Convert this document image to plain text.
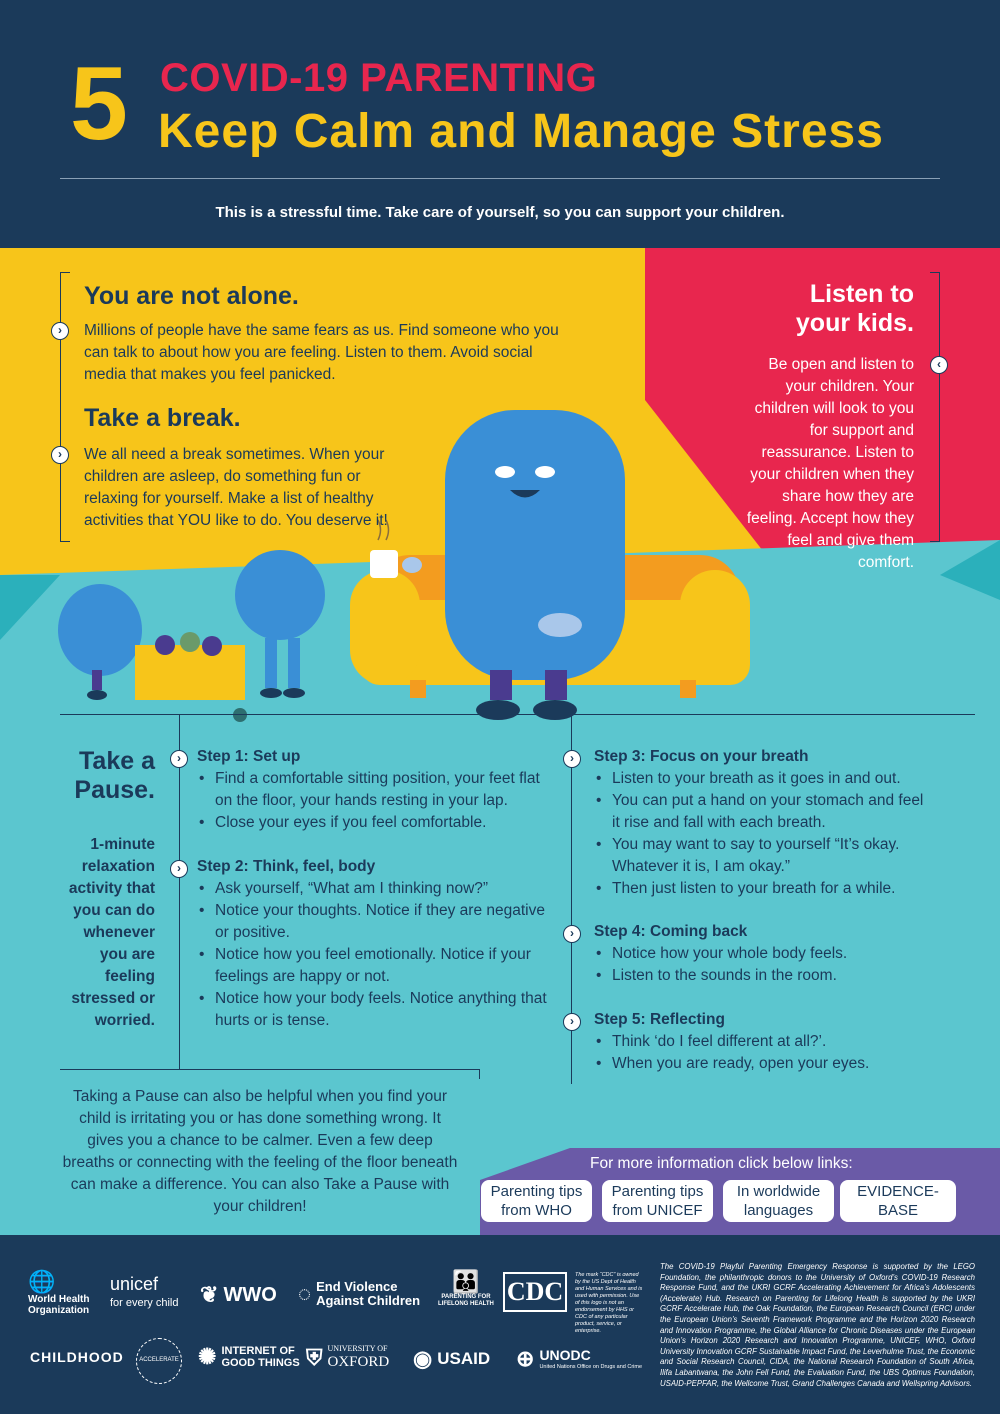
5 COVID-19 PARENTING
Keep Calm and Manage Stress
This is a stressful time. Take care of yourself, so you can support your children.
You are not alone.
›	Millions of people have the same fears as us. Find someone who you can talk to about how you are feeling. Listen to them. Avoid social media that makes you feel panicked.
Take a break.
›	We all need a break sometimes. When your children are asleep, do something fun or relaxing for yourself. Make a list of healthy activities that YOU like to do. You deserve it!
Listen to
your kids.
‹
Be open and listen to your children. Your children will look to you for support and reassurance. Listen to your children when they share how they are feeling. Accept how they feel and give them comfort.
Take a
Pause.
1-minute relaxation activity that you can do whenever you are feeling stressed or worried.
›	Step 1: Set up
• Find a comfortable sitting position, your feet flat on the floor, your hands resting in your lap.
• Close your eyes if you feel comfortable.
›	Step 2: Think, feel, body
• Ask yourself, “What am I thinking now?”
• Notice your thoughts. Notice if they are negative or positive.
• Notice how you feel emotionally. Notice if your feelings are happy or not.
• Notice how your body feels. Notice anything that hurts or is tense.
›	Step 3: Focus on your breath
• Listen to your breath as it goes in and out.
• You can put a hand on your stomach and feel it rise and fall with each breath.
• You may want to say to yourself “It’s okay. Whatever it is, I am okay.”
• Then just listen to your breath for a while.
›	Step 4: Coming back
• Notice how your whole body feels.
• Listen to the sounds in the room.
›	Step 5: Reflecting
• Think ‘do I feel different at all?’.
• When you are ready, open your eyes.
Taking a Pause can also be helpful when you find your child is irritating you or has done something wrong. It gives you a chance to be calmer. Even a few deep breaths or connecting with the feeling of the floor beneath can make a difference. You can also Take a Pause with your children!
For more information click below links:
Parenting tips
from WHO
Parenting tips
from UNICEF
In worldwide
languages
EVIDENCE-BASE
🌐
World Health
Organization
unicef
for every child ❦ WWO ◌ End Violence
Against Children
👪
PARENTING FOR
LIFELONG HEALTH CDC
The mark “CDC” is owned by the US Dept of Health and Human Services and is used with permission. Use of this logo is not an endorsement by HHS or CDC of any particular product, service, or enterprise.
CHILDHOOD	ACCELERATE ✺ INTERNET OF
GOOD THINGS ⛨ UNIVERSITY OF
OXFORD ◉ USAID ⊕ UNODC
United Nations Office on Drugs and Crime
The COVID-19 Playful Parenting Emergency Response is supported by the LEGO Foundation, the philanthropic donors to the University of Oxford’s COVID-19 Research Response Fund, and the UKRI GCRF Accelerating Achievement for Africa’s Adolescents (Accelerate) Hub. Research on Parenting for Lifelong Health is supported by the UKRI GCRF Accelerate Hub, the Oak Foundation, the European Research Council (ERC) under the European Union’s Seventh Framework Programme and the Horizon 2020 Research and Innovation Programme, the Global Alliance for Chronic Diseases under the European Union’s Horizon 2020 Research and Innovation Programme, UNICEF, WHO, Oxford University Innovation GCRF Sustainable Impact Fund, the Leverhulme Trust, the Economic and Social Research Council, CIDA, the National Research Foundation of South Africa, Ilifa Labantwana, the John Fell Fund, the Evaluation Fund, the UBS Optimus Foundation, USAID-PEPFAR, the Wellcome Trust, Grand Challenges Canada and Wellspring Advisors.
